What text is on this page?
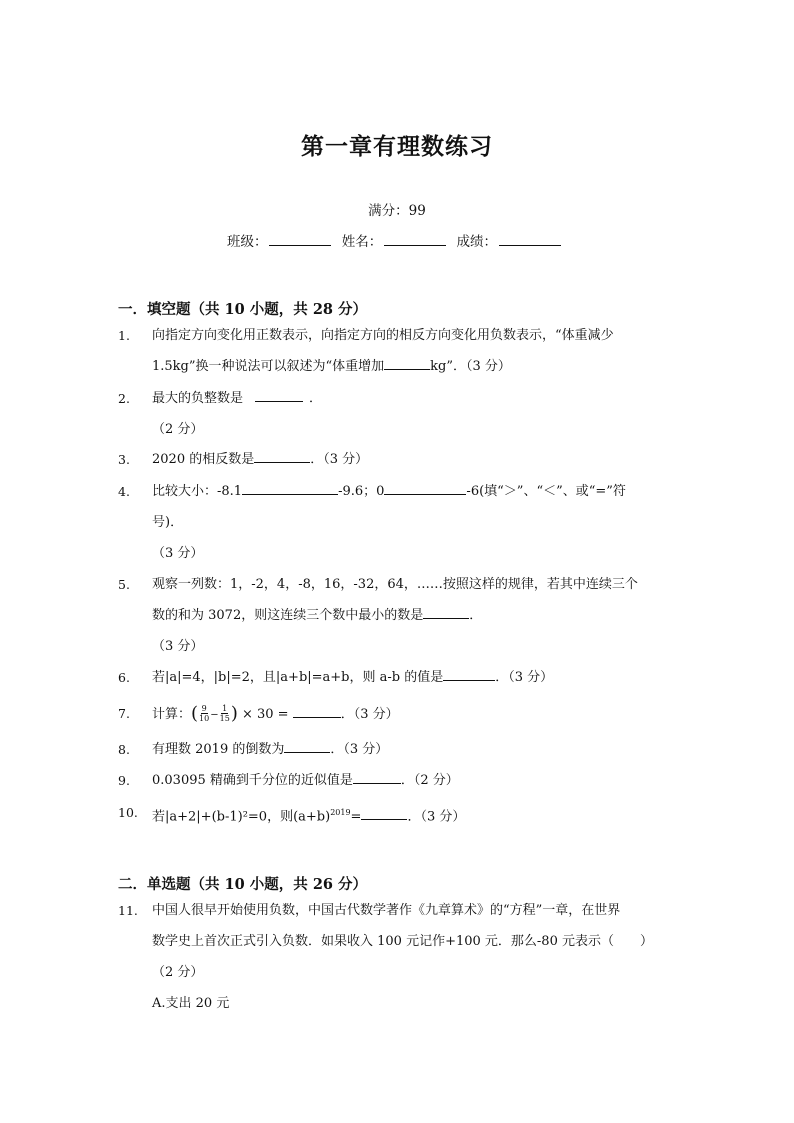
第一章有理数练习
满分：99
班级：	姓名：	成绩：
一．填空题（共 10 小题，共 28 分）
1.	向指定方向变化用正数表示，向指定方向的相反方向变化用负数表示，“体重减少
1.5kg”换一种说法可以叙述为“体重增加	kg”．（3 分）
2.	最大的负整数是	．
（2 分）
3.	2020 的相反数是	．（3 分）
4.	比较大小：-8.1	-9.6；0	-6(填“＞”、“＜”、或“=”符
号)．
（3 分）
5.	观察一列数：1，-2，4，-8，16，-32，64，……按照这样的规律，若其中连续三个
数的和为 3072，则这连续三个数中最小的数是	．
（3 分）
6.	若|a|=4，|b|=2，且|a+b|=a+b，则 a-b 的值是	．（3 分）
7.	计算：( $\frac{9}{10} - \frac{1}{15}$ ) × 30 =	．（3 分）
8.	有理数 2019 的倒数为	．（3 分）
9.	0.03095 精确到千分位的近似值是	．（2 分）
10.	若|a+2|+(b-1)²=0，则$(a+b)^{2019}=$	．（3 分）
二．单选题（共 10 小题，共 26 分）
11.	中国人很早开始使用负数，中国古代数学著作《九章算术》的“方程”一章，在世界
数学史上首次正式引入负数．如果收入 100 元记作+100 元．那么-80 元表示（　　）
（2 分）
A.支出 20 元
